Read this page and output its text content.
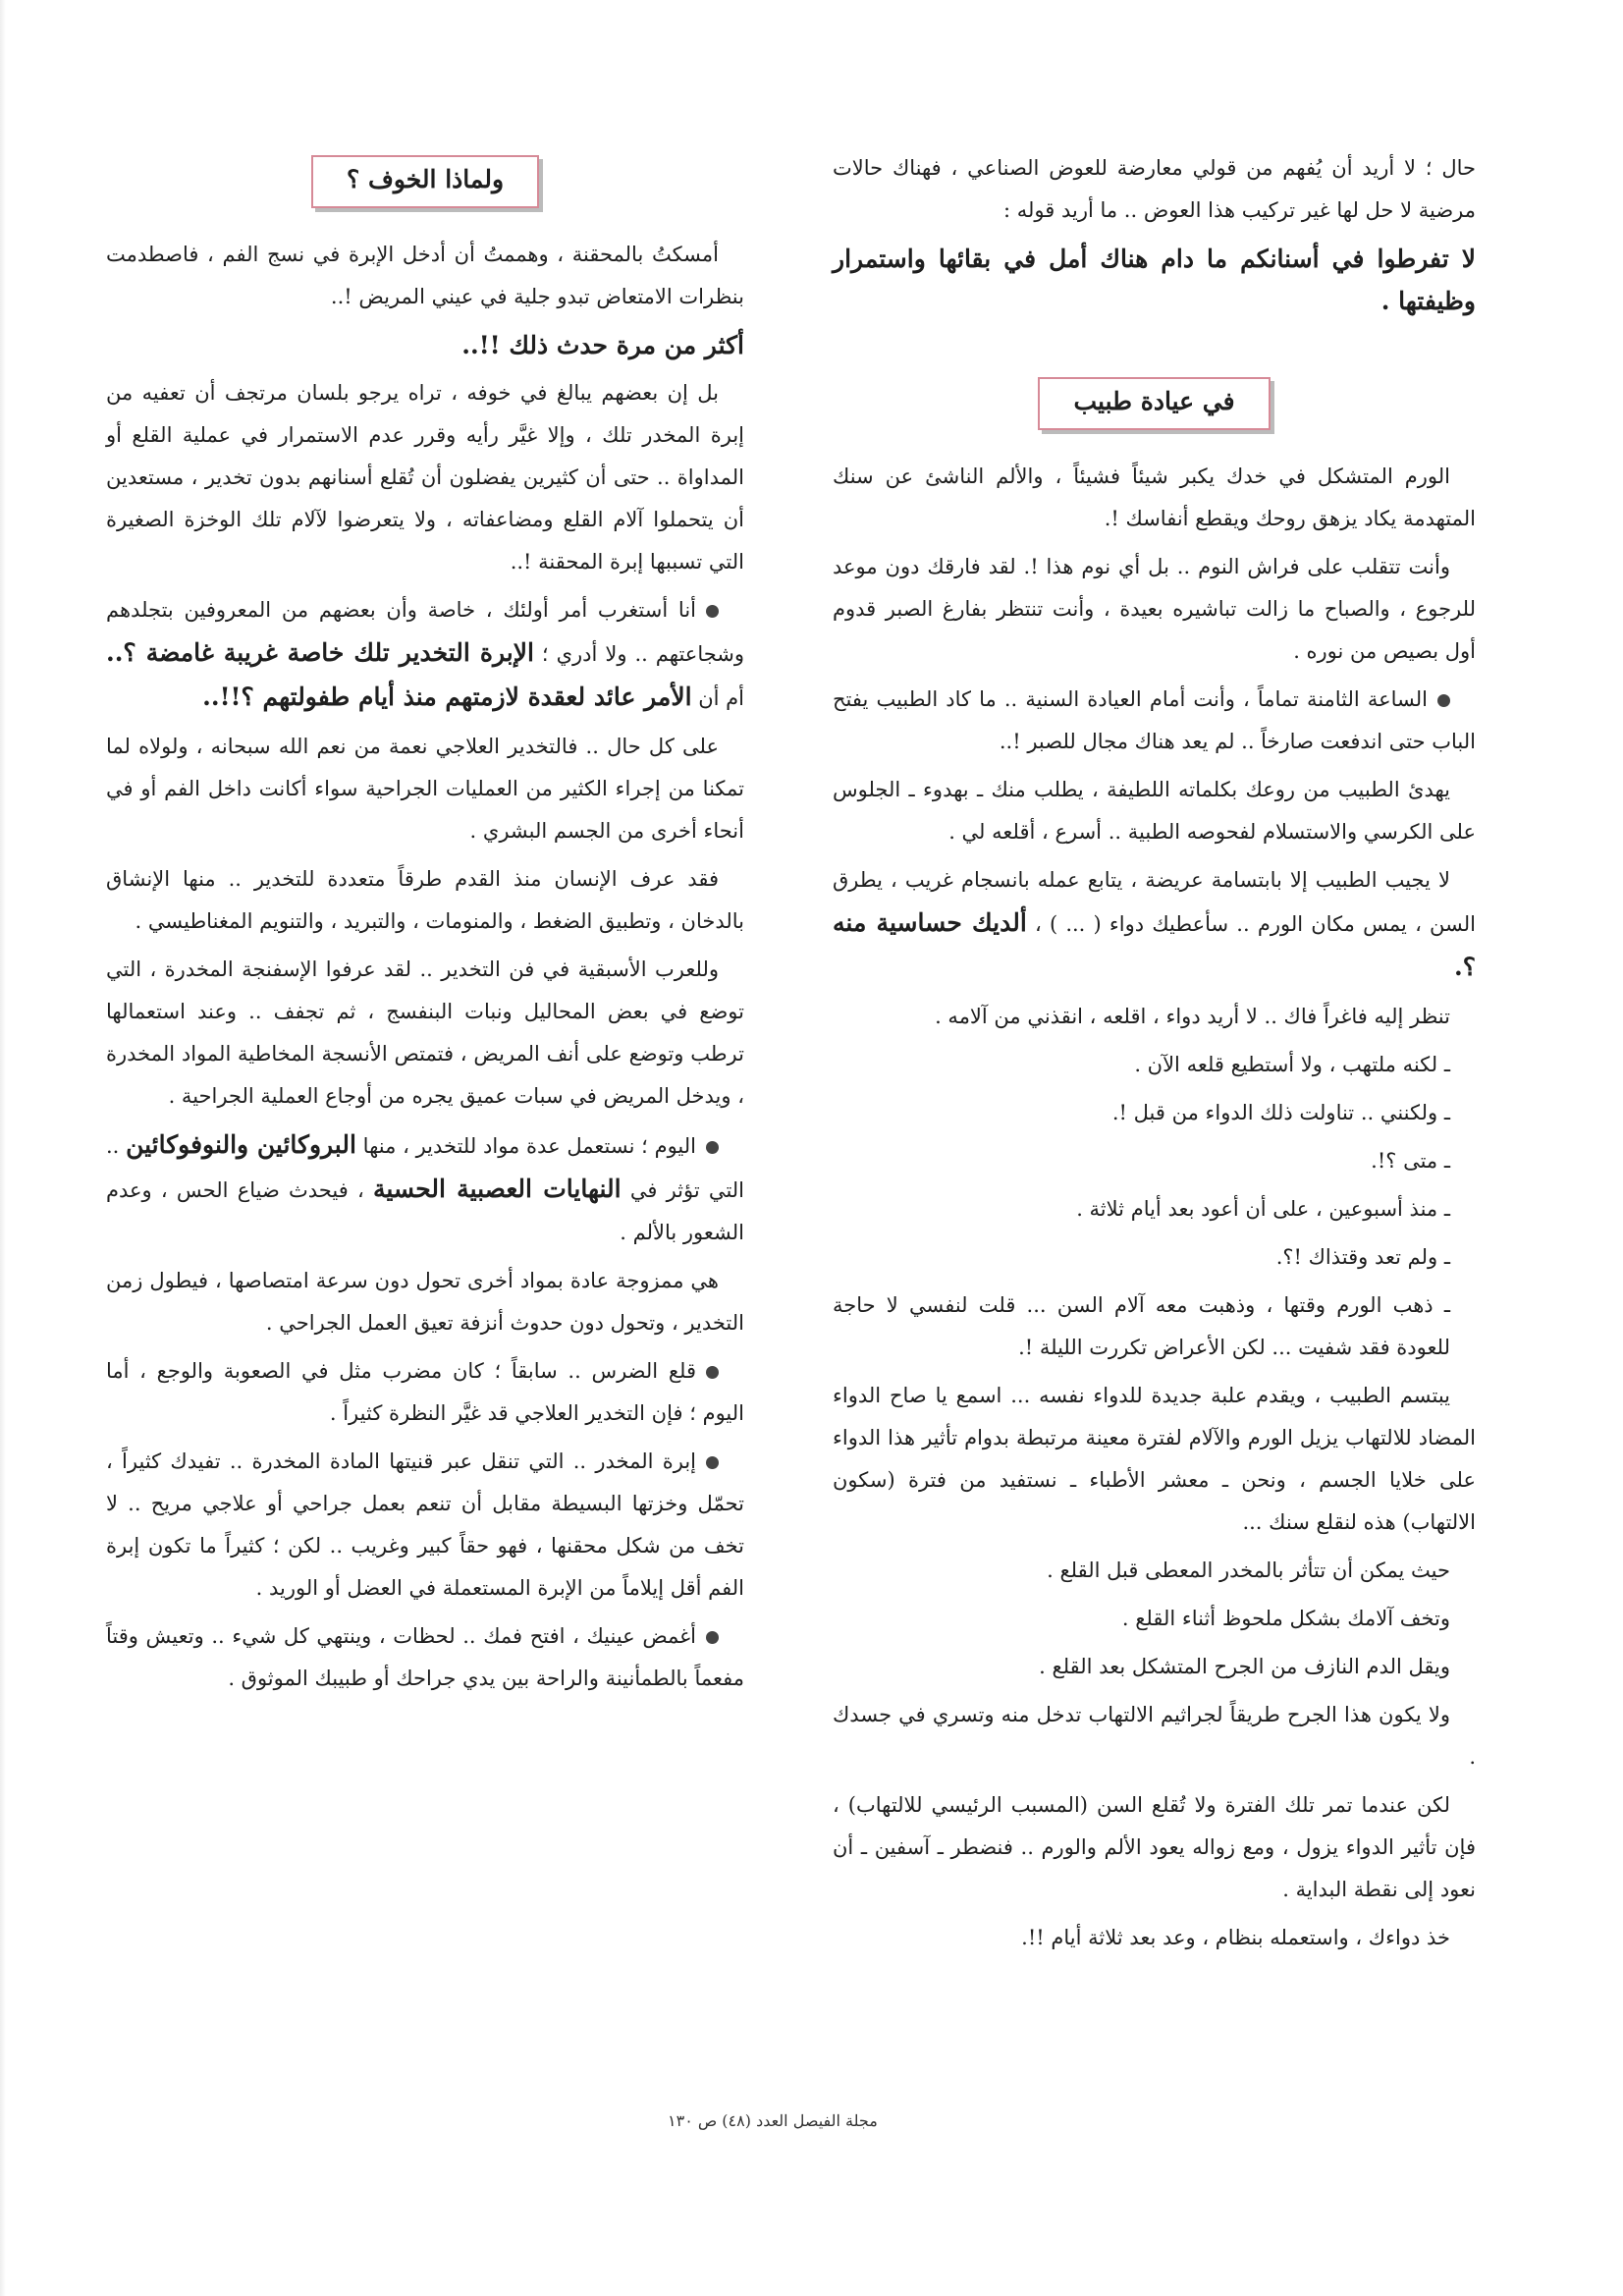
حال ؛ لا أريد أن يُفهم من قولي معارضة للعوض الصناعي ، فهناك حالات مرضية لا حل لها غير تركيب هذا العوض .. ما أريد قوله :

لا تفرطوا في أسنانكم ما دام هناك أمل في بقائها واستمرار وظيفتها .

في عيادة طبيب

الورم المتشكل في خدك يكبر شيئاً فشيئاً ، والألم الناشئ عن سنك المتهدمة يكاد يزهق روحك ويقطع أنفاسك !.

وأنت تتقلب على فراش النوم .. بل أي نوم هذا !. لقد فارقك دون موعد للرجوع ، والصباح ما زالت تباشيره بعيدة ، وأنت تنتظر بفارغ الصبر قدوم أول بصيص من نوره .

الساعة الثامنة تماماً ، وأنت أمام العيادة السنية .. ما كاد الطبيب يفتح الباب حتى اندفعت صارخاً .. لم يعد هناك مجال للصبر !..

يهدئ الطبيب من روعك بكلماته اللطيفة ، يطلب منك ـ بهدوء ـ الجلوس على الكرسي والاستسلام لفحوصه الطبية .. أسرع ، أقلعه لي .

لا يجيب الطبيب إلا بابتسامة عريضة ، يتابع عمله بانسجام غريب ، يطرق السن ، يمس مكان الورم .. سأعطيك دواء ( ... ) ، ألديك حساسية منه ؟.

تنظر إليه فاغراً فاك .. لا أريد دواء ، اقلعه ، انقذني من آلامه .

ـ لكنه ملتهب ، ولا أستطيع قلعه الآن .

ـ ولكنني .. تناولت ذلك الدواء من قبل !.

ـ متى ؟!.

ـ منذ أسبوعين ، على أن أعود بعد أيام ثلاثة .

ـ ولم تعد وقتذاك !؟.

ـ ذهب الورم وقتها ، وذهبت معه آلام السن ... قلت لنفسي لا حاجة للعودة فقد شفيت ... لكن الأعراض تكررت الليلة !.

يبتسم الطبيب ، ويقدم علبة جديدة للدواء نفسه ... اسمع يا صاح الدواء المضاد للالتهاب يزيل الورم والآلام لفترة معينة مرتبطة بدوام تأثير هذا الدواء على خلايا الجسم ، ونحن ـ معشر الأطباء ـ نستفيد من فترة (سكون الالتهاب) هذه لنقلع سنك ...

حيث يمكن أن تتأثر بالمخدر المعطى قبل القلع .

وتخف آلامك بشكل ملحوظ أثناء القلع .

ويقل الدم النازف من الجرح المتشكل بعد القلع .

ولا يكون هذا الجرح طريقاً لجراثيم الالتهاب تدخل منه وتسري في جسدك .

لكن عندما تمر تلك الفترة ولا تُقلع السن (المسبب الرئيسي للالتهاب) ، فإن تأثير الدواء يزول ، ومع زواله يعود الألم والورم .. فنضطر ـ آسفين ـ أن نعود إلى نقطة البداية .

خذ دواءك ، واستعمله بنظام ، وعد بعد ثلاثة أيام !!.

ولماذا الخوف ؟

أمسكتُ بالمحقنة ، وهممتُ أن أدخل الإبرة في نسج الفم ، فاصطدمت بنظرات الامتعاض تبدو جلية في عيني المريض !..

أكثر من مرة حدث ذلك !!..

بل إن بعضهم يبالغ في خوفه ، تراه يرجو بلسان مرتجف أن تعفيه من إبرة المخدر تلك ، وإلا غيَّر رأيه وقرر عدم الاستمرار في عملية القلع أو المداواة .. حتى أن كثيرين يفضلون أن تُقلع أسنانهم بدون تخدير ، مستعدين أن يتحملوا آلام القلع ومضاعفاته ، ولا يتعرضوا لآلام تلك الوخزة الصغيرة التي تسببها إبرة المحقنة !..

أنا أستغرب أمر أولئك ، خاصة وأن بعضهم من المعروفين بتجلدهم وشجاعتهم .. ولا أدري ؛ الإبرة التخدير تلك خاصة غريبة غامضة ؟.. أم أن الأمر عائد لعقدة لازمتهم منذ أيام طفولتهم ؟!!..

على كل حال .. فالتخدير العلاجي نعمة من نعم الله سبحانه ، ولولاه لما تمكنا من إجراء الكثير من العمليات الجراحية سواء أكانت داخل الفم أو في أنحاء أخرى من الجسم البشري .

فقد عرف الإنسان منذ القدم طرقاً متعددة للتخدير .. منها الإنشاق بالدخان ، وتطبيق الضغط ، والمنومات ، والتبريد ، والتنويم المغناطيسي .

وللعرب الأسبقية في فن التخدير .. لقد عرفوا الإسفنجة المخدرة ، التي توضع في بعض المحاليل ونبات البنفسج ، ثم تجفف .. وعند استعمالها ترطب وتوضع على أنف المريض ، فتمتص الأنسجة المخاطية المواد المخدرة ، ويدخل المريض في سبات عميق يجره من أوجاع العملية الجراحية .

اليوم ؛ نستعمل عدة مواد للتخدير ، منها البروكائين والنوفوكائين .. التي تؤثر في النهايات العصبية الحسية ، فيحدث ضياع الحس ، وعدم الشعور بالألم .

هي ممزوجة عادة بمواد أخرى تحول دون سرعة امتصاصها ، فيطول زمن التخدير ، وتحول دون حدوث أنزفة تعيق العمل الجراحي .

قلع الضرس .. سابقاً ؛ كان مضرب مثل في الصعوبة والوجع ، أما اليوم ؛ فإن التخدير العلاجي قد غيَّر النظرة كثيراً .

إبرة المخدر .. التي تنقل عبر قنيتها المادة المخدرة .. تفيدك كثيراً ، تحمّل وخزتها البسيطة مقابل أن تنعم بعمل جراحي أو علاجي مريح .. لا تخف من شكل محقنها ، فهو حقاً كبير وغريب .. لكن ؛ كثيراً ما تكون إبرة الفم أقل إيلاماً من الإبرة المستعملة في العضل أو الوريد .

أغمض عينيك ، افتح فمك .. لحظات ، وينتهي كل شيء .. وتعيش وقتاً مفعماً بالطمأنينة والراحة بين يدي جراحك أو طبيبك الموثوق .

مجلة الفيصل العدد (٤٨) ص ١٣٠
